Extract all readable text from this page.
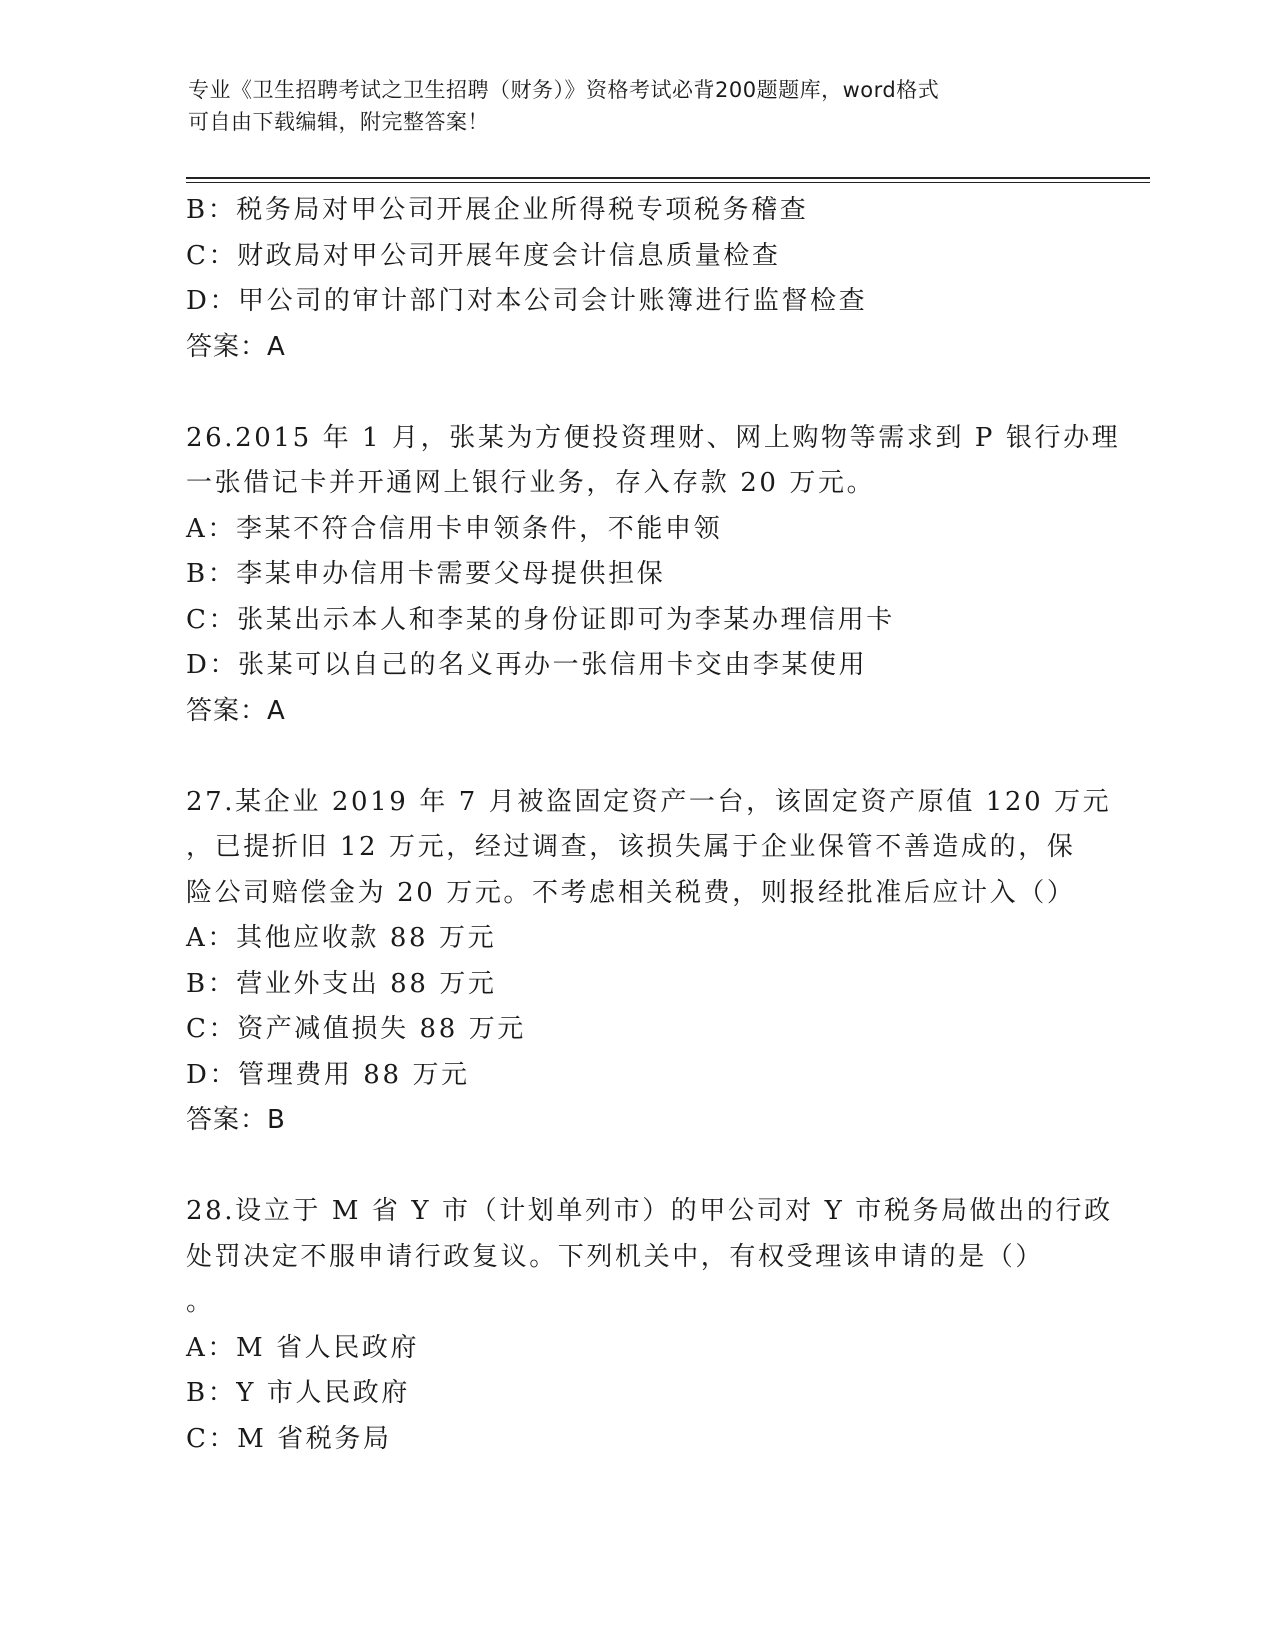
专业《卫生招聘考试之卫生招聘（财务）》资格考试必背200题题库，word格式
可自由下载编辑，附完整答案！
B：税务局对甲公司开展企业所得税专项税务稽查
C：财政局对甲公司开展年度会计信息质量检查
D：甲公司的审计部门对本公司会计账簿进行监督检查
答案：A
26.2015 年 1 月，张某为方便投资理财、网上购物等需求到 P 银行办理
一张借记卡并开通网上银行业务，存入存款 20 万元。
A：李某不符合信用卡申领条件，不能申领
B：李某申办信用卡需要父母提供担保
C：张某出示本人和李某的身份证即可为李某办理信用卡
D：张某可以自己的名义再办一张信用卡交由李某使用
答案：A
27.某企业 2019 年 7 月被盗固定资产一台，该固定资产原值 120 万元
，已提折旧 12 万元，经过调查，该损失属于企业保管不善造成的，保
险公司赔偿金为 20 万元。不考虑相关税费，则报经批准后应计入（）
A：其他应收款 88 万元
B：营业外支出 88 万元
C：资产减值损失 88 万元
D：管理费用 88 万元
答案：B
28.设立于 M 省 Y 市（计划单列市）的甲公司对 Y 市税务局做出的行政
处罚决定不服申请行政复议。下列机关中，有权受理该申请的是（）
。
A：M 省人民政府
B：Y 市人民政府
C：M 省税务局
